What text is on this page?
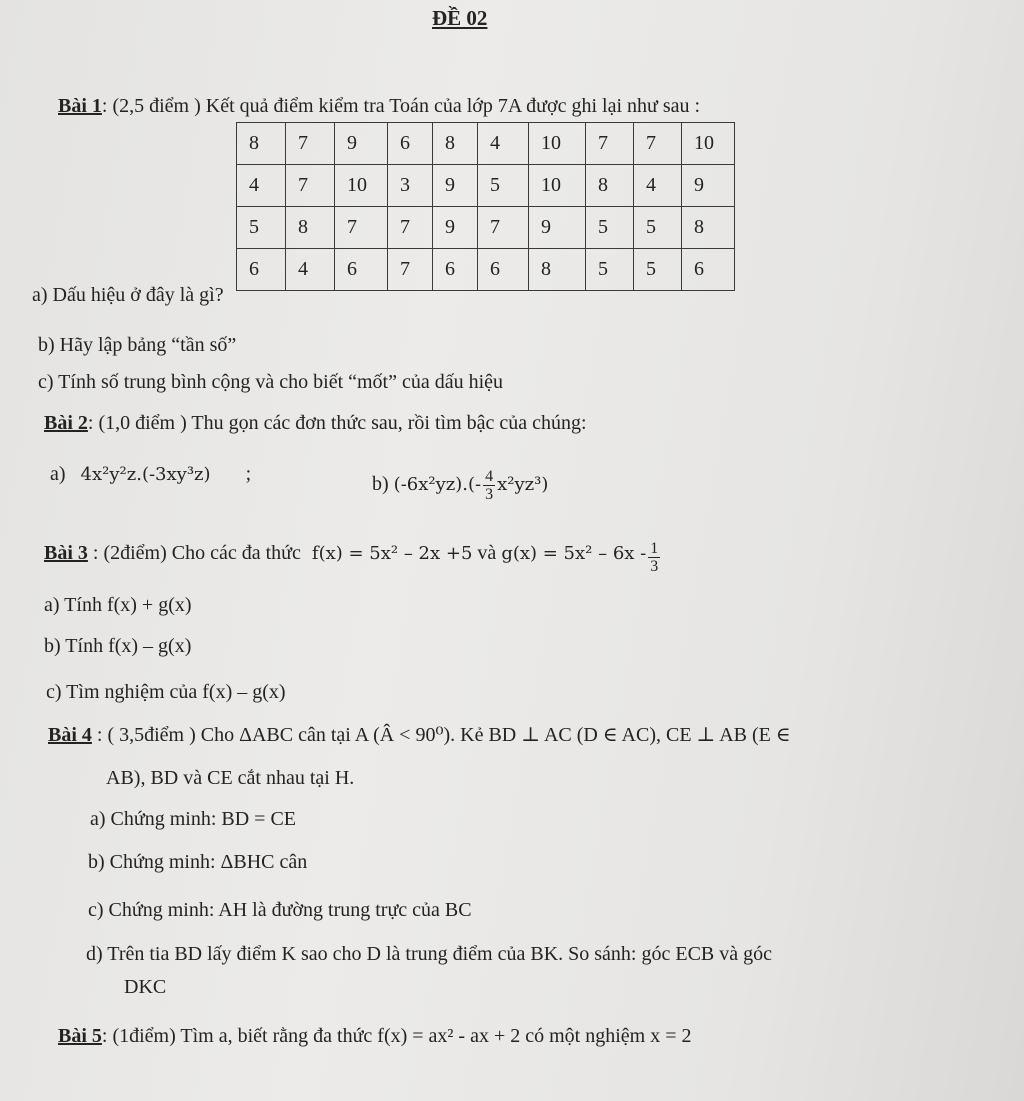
ĐỀ 02
Bài 1: (2,5 điểm ) Kết quả điểm kiểm tra Toán của lớp 7A được ghi lại như sau :
8	7	9	6	8	4	10	7	7	10
4	7	10	3	9	5	10	8	4	9
5	8	7	7	9	7	9	5	5	8
6	4	6	7	6	6	8	5	5	6
a) Dấu hiệu ở đây là gì?
b) Hãy lập bảng “tần số”
c) Tính số trung bình cộng và cho biết “mốt” của dấu hiệu
Bài 2: (1,0 điểm ) Thu gọn các đơn thức sau, rồi tìm bậc của chúng:
a) 4x²y²z.(-3xy³z) ;	b) $(-6x^2yz).(- \frac{4}{3} x^2yz^3)$
Bài 3 : (2điểm) Cho các đa thức f(x) = 5x² – 2x +5 và $g(x) = 5x^2 - 6x - \frac{1}{3}$
a) Tính f(x) + g(x)
b) Tính f(x) – g(x)
c) Tìm nghiệm của f(x) – g(x)
Bài 4 : ( 3,5điểm ) Cho ΔABC cân tại A (Â < 90⁰). Kẻ BD ⊥ AC (D ∈ AC), CE ⊥ AB (E ∈
AB), BD và CE cắt nhau tại H.
a) Chứng minh: BD = CE
b) Chứng minh: ΔBHC cân
c) Chứng minh: AH là đường trung trực của BC
d) Trên tia BD lấy điểm K sao cho D là trung điểm của BK. So sánh: góc ECB và góc
DKC
Bài 5: (1điểm) Tìm a, biết rằng đa thức f(x) = ax² - ax + 2 có một nghiệm x = 2
